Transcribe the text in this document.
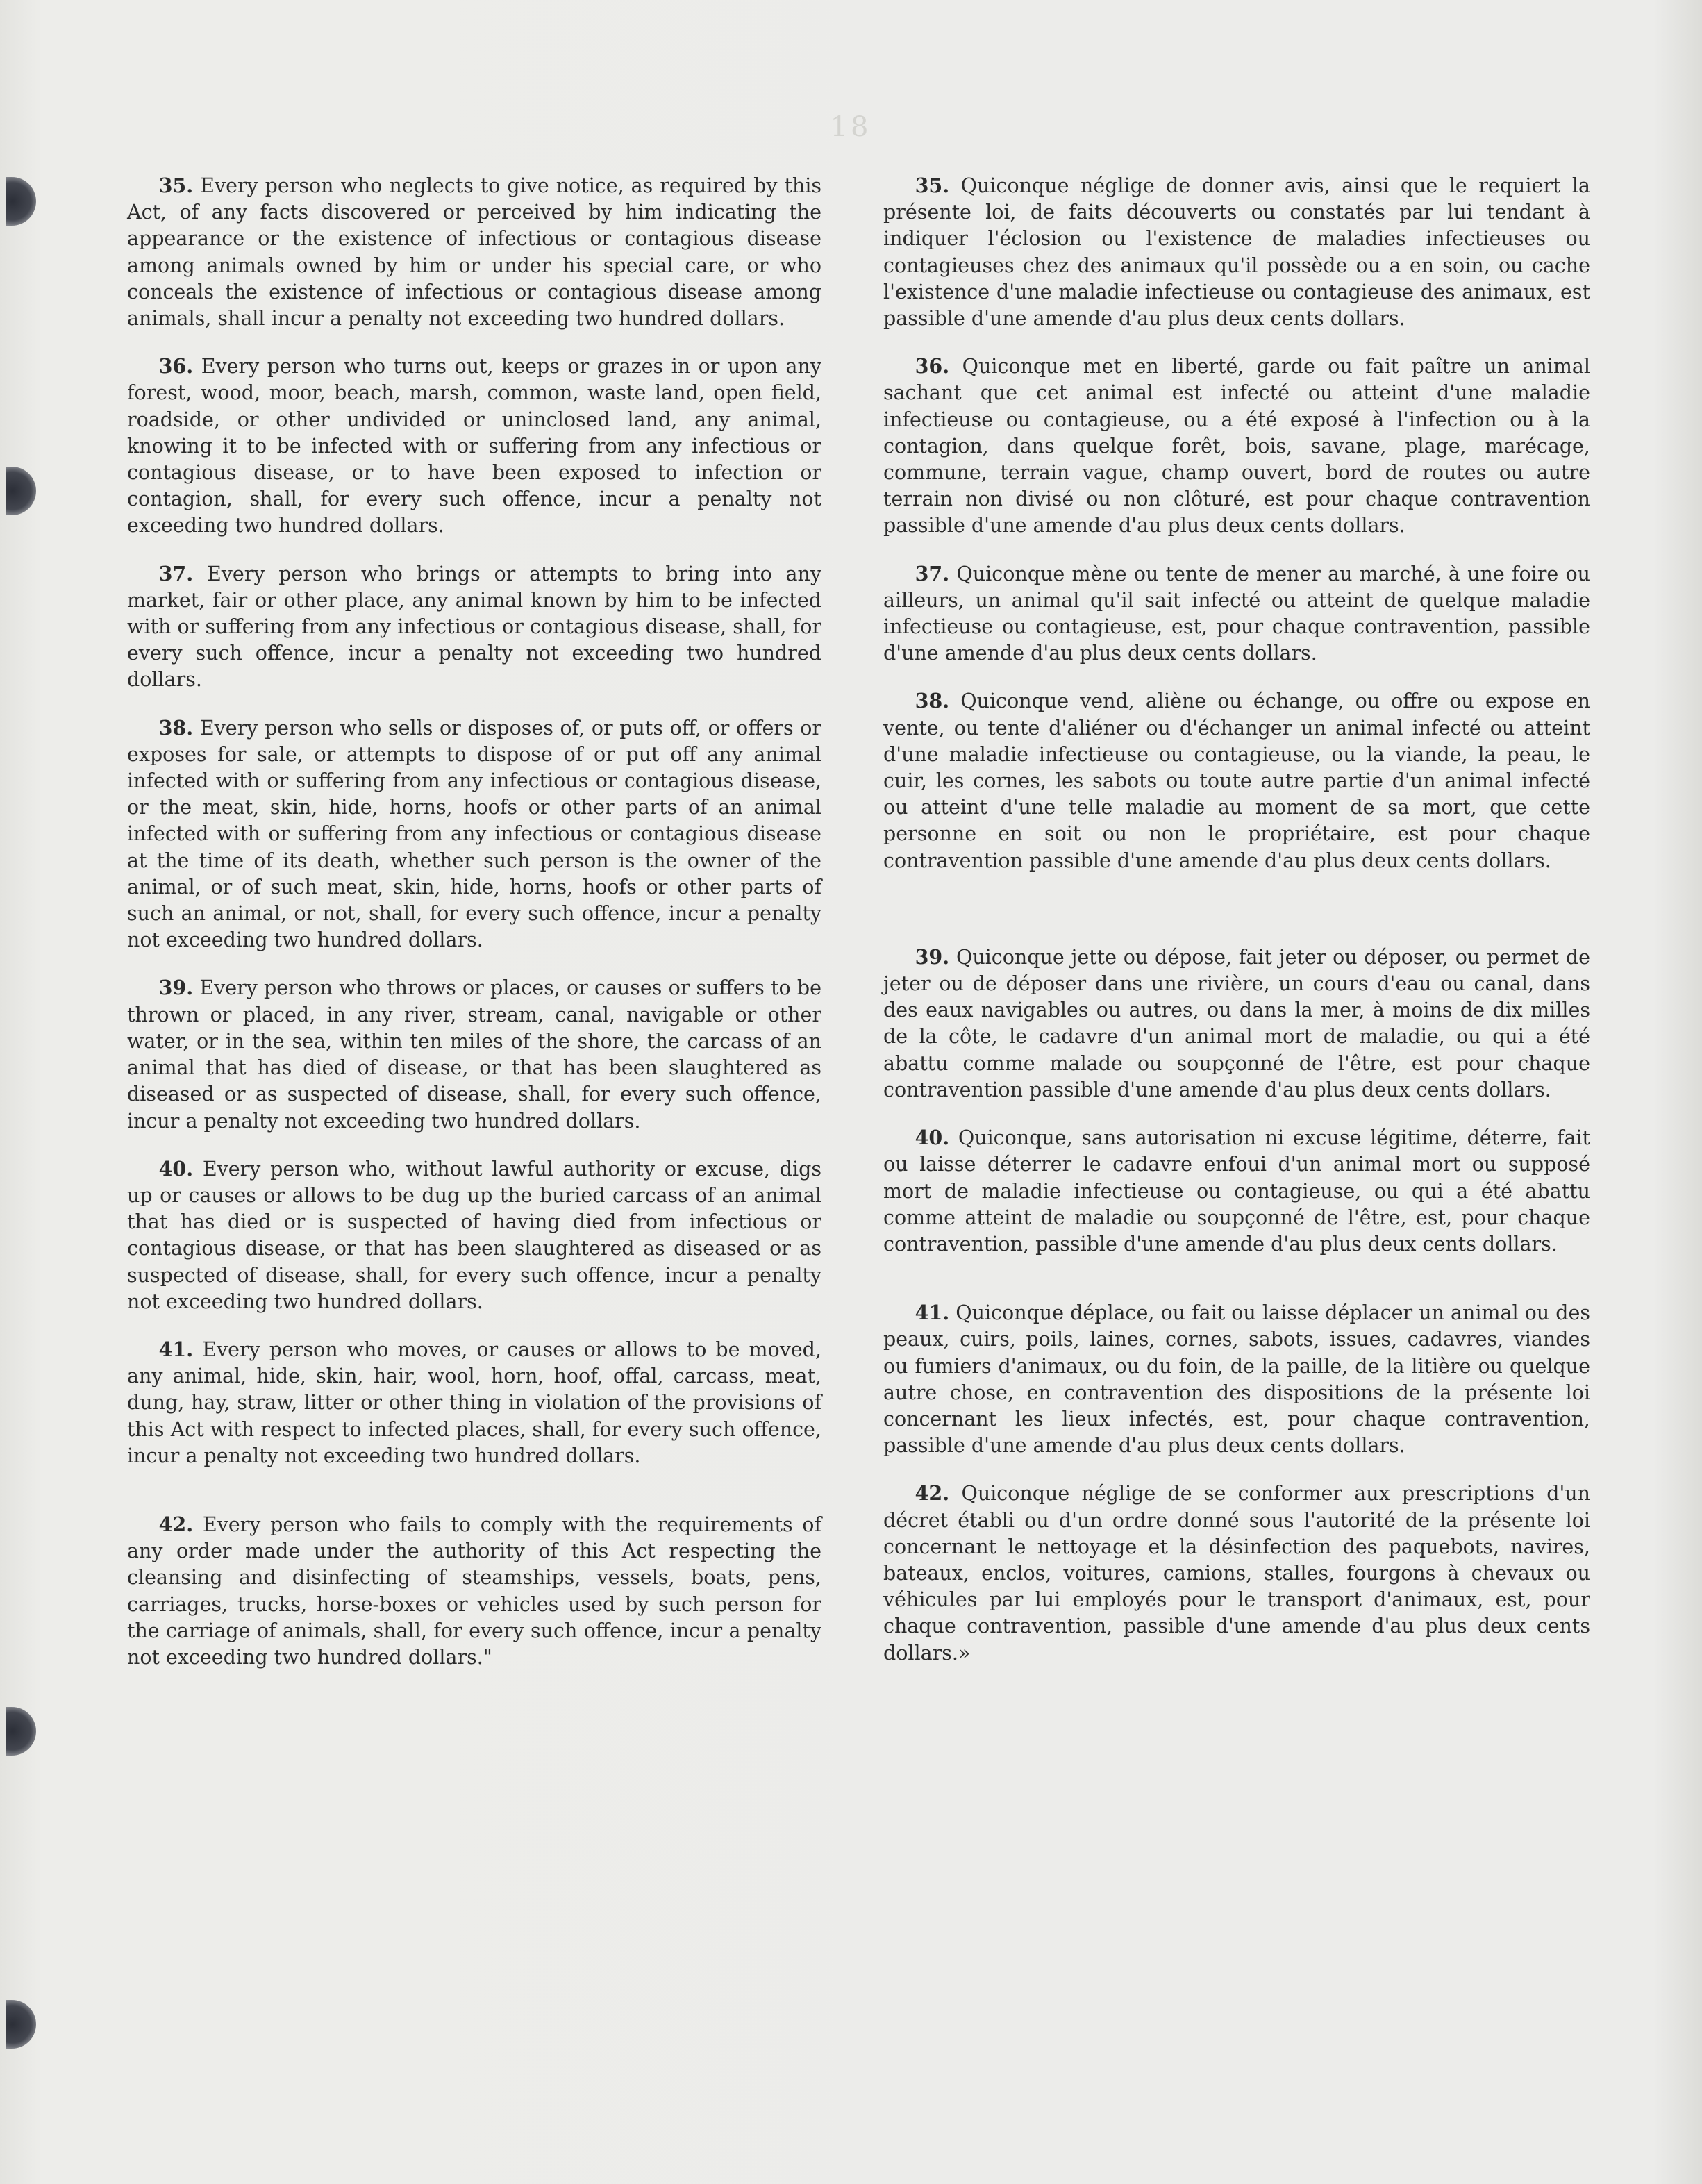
18

35. Every person who neglects to give notice, as required by this Act, of any facts discovered or perceived by him indicating the appearance or the existence of infectious or contagious disease among animals owned by him or under his special care, or who conceals the existence of infectious or contagious disease among animals, shall incur a penalty not exceeding two hundred dollars.

36. Every person who turns out, keeps or grazes in or upon any forest, wood, moor, beach, marsh, common, waste land, open field, roadside, or other undivided or uninclosed land, any animal, knowing it to be infected with or suffering from any infectious or contagious disease, or to have been exposed to infection or contagion, shall, for every such offence, incur a penalty not exceeding two hundred dollars.

37. Every person who brings or attempts to bring into any market, fair or other place, any animal known by him to be infected with or suffering from any infectious or contagious disease, shall, for every such offence, incur a penalty not exceeding two hundred dollars.

38. Every person who sells or disposes of, or puts off, or offers or exposes for sale, or attempts to dispose of or put off any animal infected with or suffering from any infectious or contagious disease, or the meat, skin, hide, horns, hoofs or other parts of an animal infected with or suffering from any infectious or contagious disease at the time of its death, whether such person is the owner of the animal, or of such meat, skin, hide, horns, hoofs or other parts of such an animal, or not, shall, for every such offence, incur a penalty not exceeding two hundred dollars.

39. Every person who throws or places, or causes or suffers to be thrown or placed, in any river, stream, canal, navigable or other water, or in the sea, within ten miles of the shore, the carcass of an animal that has died of disease, or that has been slaughtered as diseased or as suspected of disease, shall, for every such offence, incur a penalty not exceeding two hundred dollars.

40. Every person who, without lawful authority or excuse, digs up or causes or allows to be dug up the buried carcass of an animal that has died or is suspected of having died from infectious or contagious disease, or that has been slaughtered as diseased or as suspected of disease, shall, for every such offence, incur a penalty not exceeding two hundred dollars.

41. Every person who moves, or causes or allows to be moved, any animal, hide, skin, hair, wool, horn, hoof, offal, carcass, meat, dung, hay, straw, litter or other thing in violation of the provisions of this Act with respect to infected places, shall, for every such offence, incur a penalty not exceeding two hundred dollars.

42. Every person who fails to comply with the requirements of any order made under the authority of this Act respecting the cleansing and disinfecting of steamships, vessels, boats, pens, carriages, trucks, horse-boxes or vehicles used by such person for the carriage of animals, shall, for every such offence, incur a penalty not exceeding two hundred dollars."

35. Quiconque néglige de donner avis, ainsi que le requiert la présente loi, de faits découverts ou constatés par lui tendant à indiquer l'éclosion ou l'existence de maladies infectieuses ou contagieuses chez des animaux qu'il possède ou a en soin, ou cache l'existence d'une maladie infectieuse ou contagieuse des animaux, est passible d'une amende d'au plus deux cents dollars.

36. Quiconque met en liberté, garde ou fait paître un animal sachant que cet animal est infecté ou atteint d'une maladie infectieuse ou contagieuse, ou a été exposé à l'infection ou à la contagion, dans quelque forêt, bois, savane, plage, marécage, commune, terrain vague, champ ouvert, bord de routes ou autre terrain non divisé ou non clôturé, est pour chaque contravention passible d'une amende d'au plus deux cents dollars.

37. Quiconque mène ou tente de mener au marché, à une foire ou ailleurs, un animal qu'il sait infecté ou atteint de quelque maladie infectieuse ou contagieuse, est, pour chaque contravention, passible d'une amende d'au plus deux cents dollars.

38. Quiconque vend, aliène ou échange, ou offre ou expose en vente, ou tente d'aliéner ou d'échanger un animal infecté ou atteint d'une maladie infectieuse ou contagieuse, ou la viande, la peau, le cuir, les cornes, les sabots ou toute autre partie d'un animal infecté ou atteint d'une telle maladie au moment de sa mort, que cette personne en soit ou non le propriétaire, est pour chaque contravention passible d'une amende d'au plus deux cents dollars.

39. Quiconque jette ou dépose, fait jeter ou déposer, ou permet de jeter ou de déposer dans une rivière, un cours d'eau ou canal, dans des eaux navigables ou autres, ou dans la mer, à moins de dix milles de la côte, le cadavre d'un animal mort de maladie, ou qui a été abattu comme malade ou soupçonné de l'être, est pour chaque contravention passible d'une amende d'au plus deux cents dollars.

40. Quiconque, sans autorisation ni excuse légitime, déterre, fait ou laisse déterrer le cadavre enfoui d'un animal mort ou supposé mort de maladie infectieuse ou contagieuse, ou qui a été abattu comme atteint de maladie ou soupçonné de l'être, est, pour chaque contravention, passible d'une amende d'au plus deux cents dollars.

41. Quiconque déplace, ou fait ou laisse déplacer un animal ou des peaux, cuirs, poils, laines, cornes, sabots, issues, cadavres, viandes ou fumiers d'animaux, ou du foin, de la paille, de la litière ou quelque autre chose, en contravention des dispositions de la présente loi concernant les lieux infectés, est, pour chaque contravention, passible d'une amende d'au plus deux cents dollars.

42. Quiconque néglige de se conformer aux prescriptions d'un décret établi ou d'un ordre donné sous l'autorité de la présente loi concernant le nettoyage et la désinfection des paquebots, navires, bateaux, enclos, voitures, camions, stalles, fourgons à chevaux ou véhicules par lui employés pour le transport d'animaux, est, pour chaque contravention, passible d'une amende d'au plus deux cents dollars.»
